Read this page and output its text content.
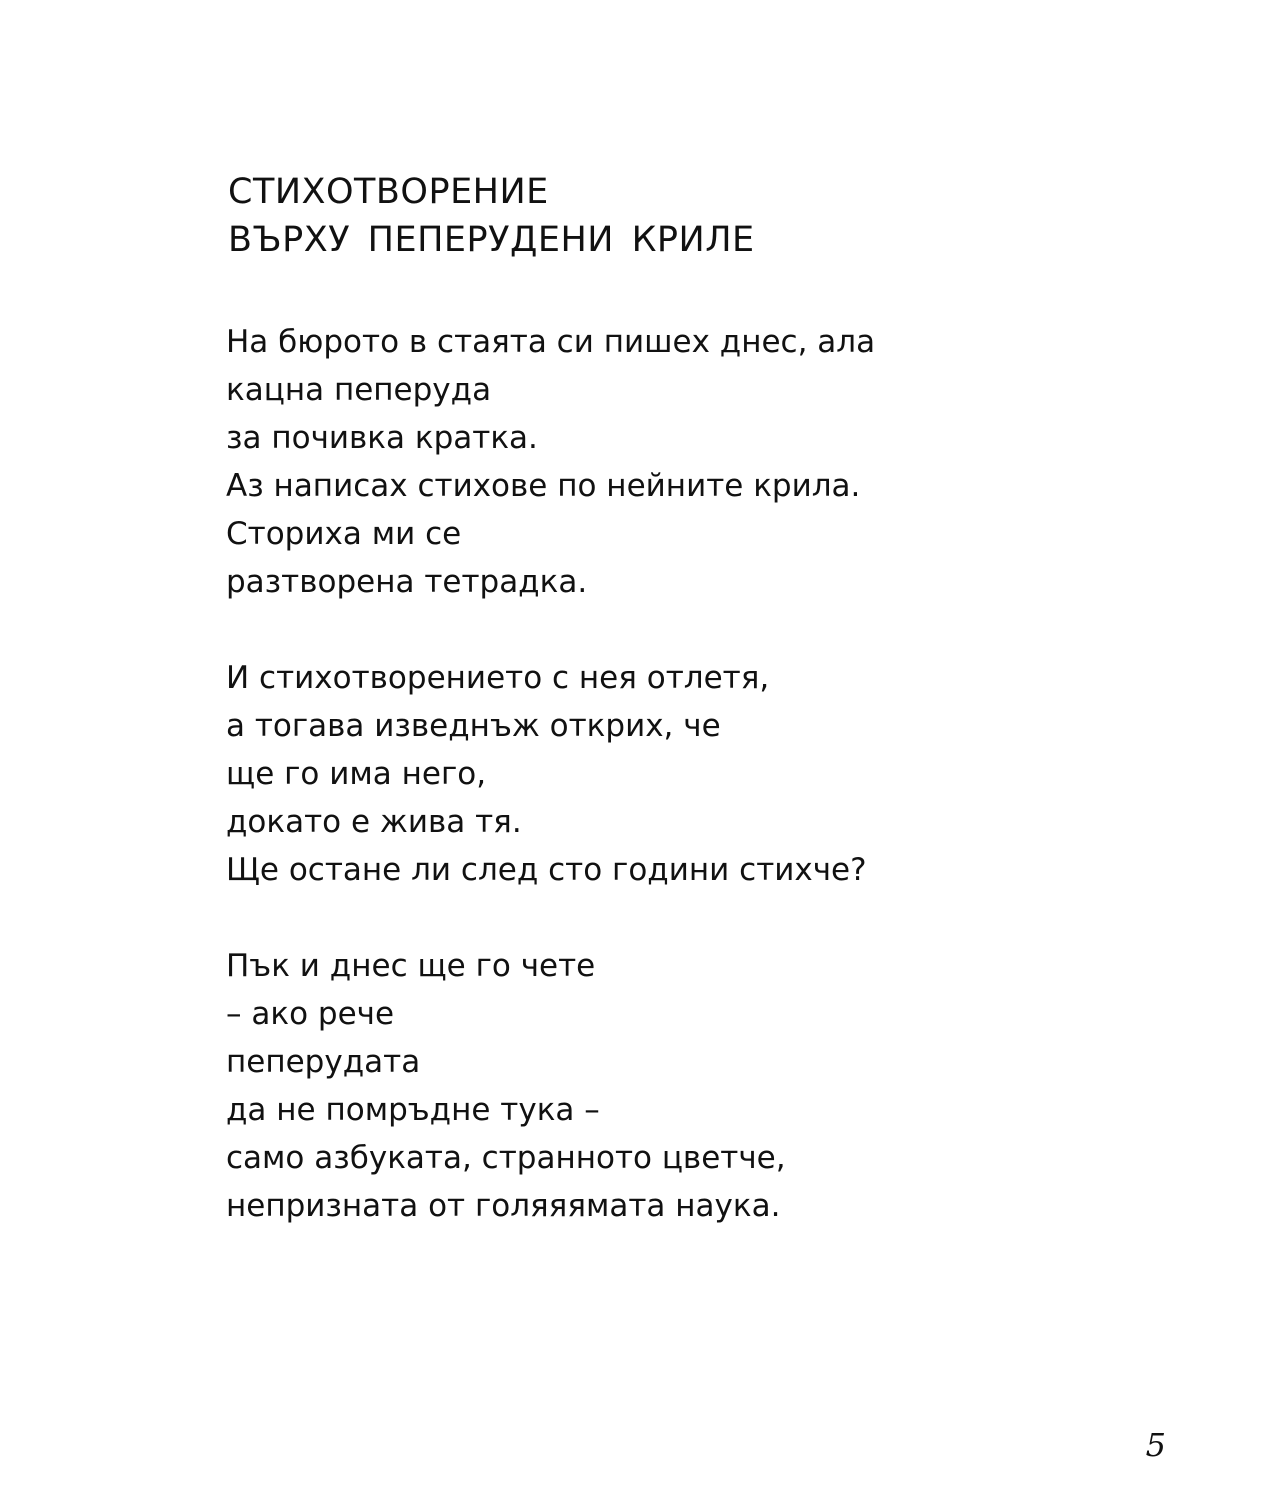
СТИХОТВОРЕНИЕ
ВЪРХУ ПЕПЕРУДЕНИ КРИЛЕ

На бюрото в стаята си пишех днес, ала
кацна пеперуда
за почивка кратка.
Аз написах стихове по нейните крила.
Сториха ми се
разтворена тетрадка.

И стихотворението с нея отлетя,
а тогава изведнъж открих, че
ще го има него,
докато е жива тя.
Ще остане ли след сто години стихче?

Пък и днес ще го чете
– ако рече
пеперудата
да не помръдне тука –
само азбуката, странното цветче,
непризната от голяяямата наука.

5
